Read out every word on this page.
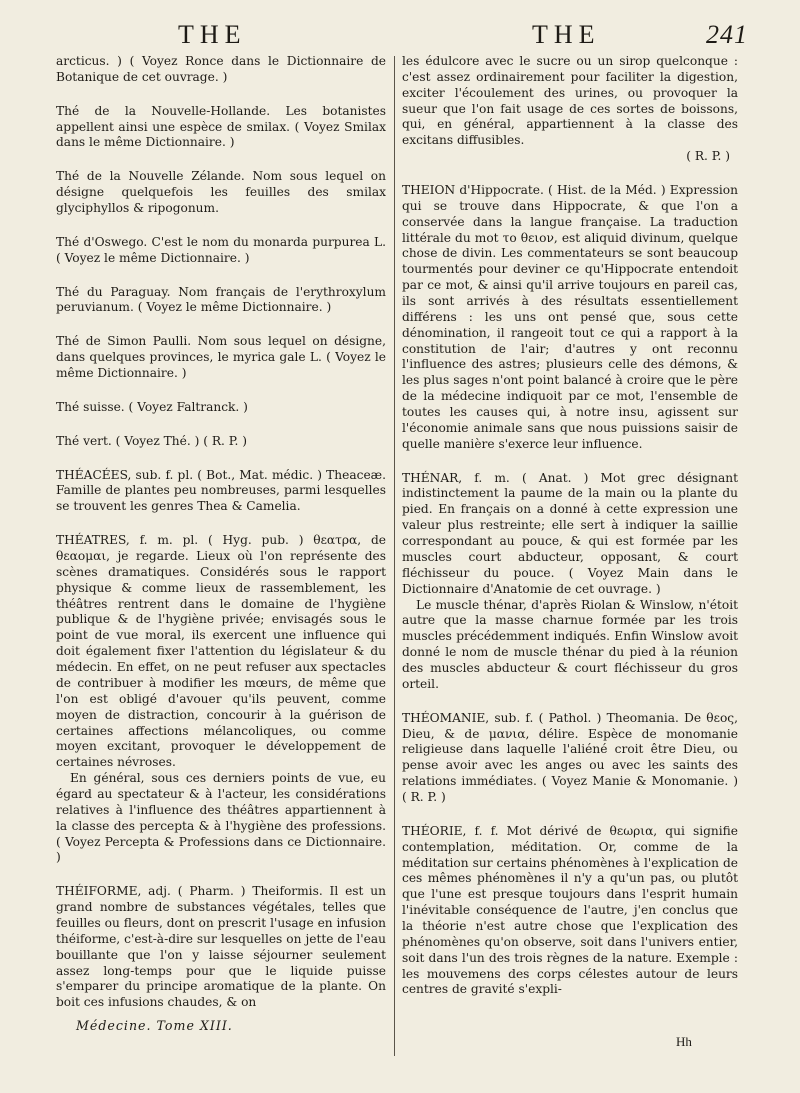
THE	THE	241

arcticus. ) ( Voyez Ronce dans le Dictionnaire de Botanique de cet ouvrage. )

Thé de la Nouvelle-Hollande. Les botanistes appellent ainsi une espèce de smilax. ( Voyez Smilax dans le même Dictionnaire. )

Thé de la Nouvelle Zélande. Nom sous lequel on désigne quelquefois les feuilles des smilax glyciphyllos & ripogonum.

Thé d'Oswego. C'est le nom du monarda purpurea L. ( Voyez le même Dictionnaire. )

Thé du Paraguay. Nom français de l'erythroxylum peruvianum. ( Voyez le même Dictionnaire. )

Thé de Simon Paulli. Nom sous lequel on désigne, dans quelques provinces, le myrica gale L. ( Voyez le même Dictionnaire. )

Thé suisse. ( Voyez Faltranck. )

Thé vert. ( Voyez Thé. ) ( R. P. )

THÉACÉES, sub. f. pl. ( Bot., Mat. médic. ) Theaceæ. Famille de plantes peu nombreuses, parmi lesquelles se trouvent les genres Thea & Camelia.

THÉATRES, f. m. pl. ( Hyg. pub. ) θεατρα, de θεαομαι, je regarde. Lieux où l'on représente des scènes dramatiques. Considérés sous le rapport physique & comme lieux de rassemblement, les théâtres rentrent dans le domaine de l'hygiène publique & de l'hygiène privée; envisagés sous le point de vue moral, ils exercent une influence qui doit également fixer l'attention du législateur & du médecin. En effet, on ne peut refuser aux spectacles de contribuer à modifier les mœurs, de même que l'on est obligé d'avouer qu'ils peuvent, comme moyen de distraction, concourir à la guérison de certaines affections mélancoliques, ou comme moyen excitant, provoquer le développement de certaines névroses.

En général, sous ces derniers points de vue, eu égard au spectateur & à l'acteur, les considérations relatives à l'influence des théâtres appartiennent à la classe des percepta & à l'hygiène des professions. ( Voyez Percepta & Professions dans ce Dictionnaire. )

THÉIFORME, adj. ( Pharm. ) Theiformis. Il est un grand nombre de substances végétales, telles que feuilles ou fleurs, dont on prescrit l'usage en infusion théiforme, c'est-à-dire sur lesquelles on jette de l'eau bouillante que l'on y laisse séjourner seulement assez long-temps pour que le liquide puisse s'emparer du principe aromatique de la plante. On boit ces infusions chaudes, & on

les édulcore avec le sucre ou un sirop quelconque : c'est assez ordinairement pour faciliter la digestion, exciter l'écoulement des urines, ou provoquer la sueur que l'on fait usage de ces sortes de boissons, qui, en général, appartiennent à la classe des excitans diffusibles.

( R. P. )

THEION d'Hippocrate. ( Hist. de la Méd. ) Expression qui se trouve dans Hippocrate, & que l'on a conservée dans la langue française. La traduction littérale du mot το θειον, est aliquid divinum, quelque chose de divin. Les commentateurs se sont beaucoup tourmentés pour deviner ce qu'Hippocrate entendoit par ce mot, & ainsi qu'il arrive toujours en pareil cas, ils sont arrivés à des résultats essentiellement différens : les uns ont pensé que, sous cette dénomination, il rangeoit tout ce qui a rapport à la constitution de l'air; d'autres y ont reconnu l'influence des astres; plusieurs celle des démons, & les plus sages n'ont point balancé à croire que le père de la médecine indiquoit par ce mot, l'ensemble de toutes les causes qui, à notre insu, agissent sur l'économie animale sans que nous puissions saisir de quelle manière s'exerce leur influence.

THÉNAR, f. m. ( Anat. ) Mot grec désignant indistinctement la paume de la main ou la plante du pied. En français on a donné à cette expression une valeur plus restreinte; elle sert à indiquer la saillie correspondant au pouce, & qui est formée par les muscles court abducteur, opposant, & court fléchisseur du pouce. ( Voyez Main dans le Dictionnaire d'Anatomie de cet ouvrage. )

Le muscle thénar, d'après Riolan & Winslow, n'étoit autre que la masse charnue formée par les trois muscles précédemment indiqués. Enfin Winslow avoit donné le nom de muscle thénar du pied à la réunion des muscles abducteur & court fléchisseur du gros orteil.

THÉOMANIE, sub. f. ( Pathol. ) Theomania. De θεος, Dieu, & de μανια, délire. Espèce de monomanie religieuse dans laquelle l'aliéné croit être Dieu, ou pense avoir avec les anges ou avec les saints des relations immédiates. ( Voyez Manie & Monomanie. ) ( R. P. )

THÉORIE, f. f. Mot dérivé de θεωρια, qui signifie contemplation, méditation. Or, comme de la méditation sur certains phénomènes à l'explication de ces mêmes phénomènes il n'y a qu'un pas, ou plutôt que l'une est presque toujours dans l'esprit humain l'inévitable conséquence de l'autre, j'en conclus que la théorie n'est autre chose que l'explication des phénomènes qu'on observe, soit dans l'univers entier, soit dans l'un des trois règnes de la nature. Exemple : les mouvemens des corps célestes autour de leurs centres de gravité s'expli-

Médecine. Tome XIII.
Hh
